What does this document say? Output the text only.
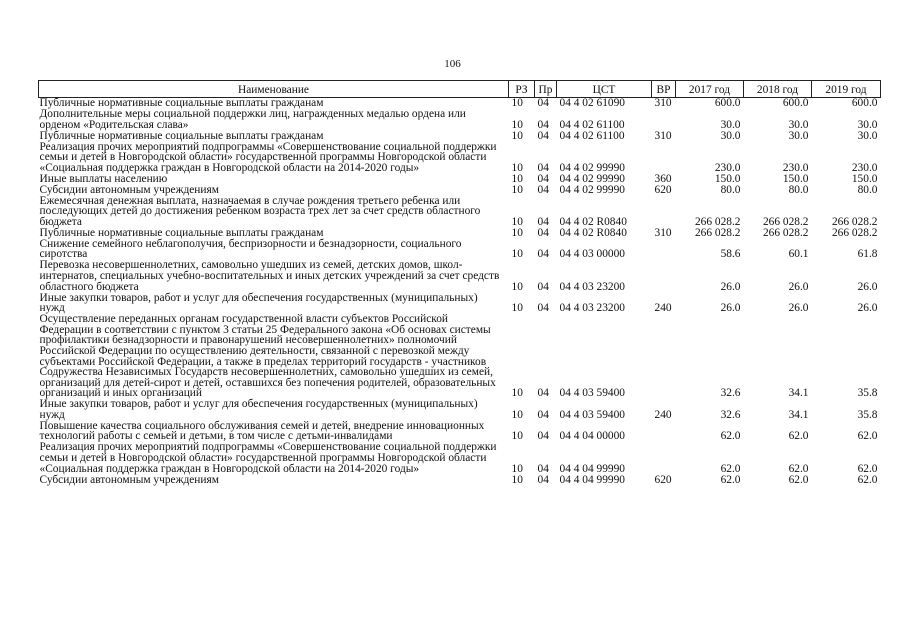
106
Наименование	РЗ	Пр	ЦСТ	ВР	2017 год	2018 год	2019 год
Публичные нормативные социальные выплаты гражданам	10	04	04 4 02 61090	310	600.0	600.0	600.0
Дополнительные меры социальной поддержки лиц, награжденных медалью ордена или орденом «Родительская слава»	10	04	04 4 02 61100		30.0	30.0	30.0
Публичные нормативные социальные выплаты гражданам	10	04	04 4 02 61100	310	30.0	30.0	30.0
Реализация прочих мероприятий подпрограммы «Совершенствование социальной поддержки семьи и детей в Новгородской области» государственной программы Новгородской области «Социальная поддержка граждан в Новгородской области на 2014-2020 годы»	10	04	04 4 02 99990		230.0	230.0	230.0
Иные выплаты населению	10	04	04 4 02 99990	360	150.0	150.0	150.0
Субсидии автономным учреждениям	10	04	04 4 02 99990	620	80.0	80.0	80.0
Ежемесячная денежная выплата, назначаемая в случае рождения третьего ребенка или последующих детей до достижения ребенком возраста трех лет за счет средств областного бюджета	10	04	04 4 02 R0840		266 028.2	266 028.2	266 028.2
Публичные нормативные социальные выплаты гражданам	10	04	04 4 02 R0840	310	266 028.2	266 028.2	266 028.2
Снижение семейного неблагополучия, беспризорности и безнадзорности, социального сиротства	10	04	04 4 03 00000		58.6	60.1	61.8
Перевозка несовершеннолетних, самовольно ушедших из семей, детских домов, школ-интернатов, специальных учебно-воспитательных и иных детских учреждений за счет средств областного бюджета	10	04	04 4 03 23200		26.0	26.0	26.0
Иные закупки товаров, работ и услуг для обеспечения государственных (муниципальных) нужд	10	04	04 4 03 23200	240	26.0	26.0	26.0
Осуществление переданных органам государственной власти субъектов Российской Федерации в соответствии с пунктом 3 статьи 25 Федерального закона «Об основах системы профилактики безнадзорности и правонарушений несовершеннолетних» полномочий Российской Федерации по осуществлению деятельности, связанной с перевозкой между субъектами Российской Федерации, а также в пределах территорий государств - участников Содружества Независимых Государств несовершеннолетних, самовольно ушедших из семей, организаций для детей-сирот и детей, оставшихся без попечения родителей, образовательных организаций и иных организаций	10	04	04 4 03 59400		32.6	34.1	35.8
Иные закупки товаров, работ и услуг для обеспечения государственных (муниципальных) нужд	10	04	04 4 03 59400	240	32.6	34.1	35.8
Повышение качества социального обслуживания семей и детей, внедрение инновационных технологий работы с семьей и детьми, в том числе с детьми-инвалидами	10	04	04 4 04 00000		62.0	62.0	62.0
Реализация прочих мероприятий подпрограммы «Совершенствование социальной поддержки семьи и детей в Новгородской области» государственной программы Новгородской области «Социальная поддержка граждан в Новгородской области на 2014-2020 годы»	10	04	04 4 04 99990		62.0	62.0	62.0
Субсидии автономным учреждениям	10	04	04 4 04 99990	620	62.0	62.0	62.0
